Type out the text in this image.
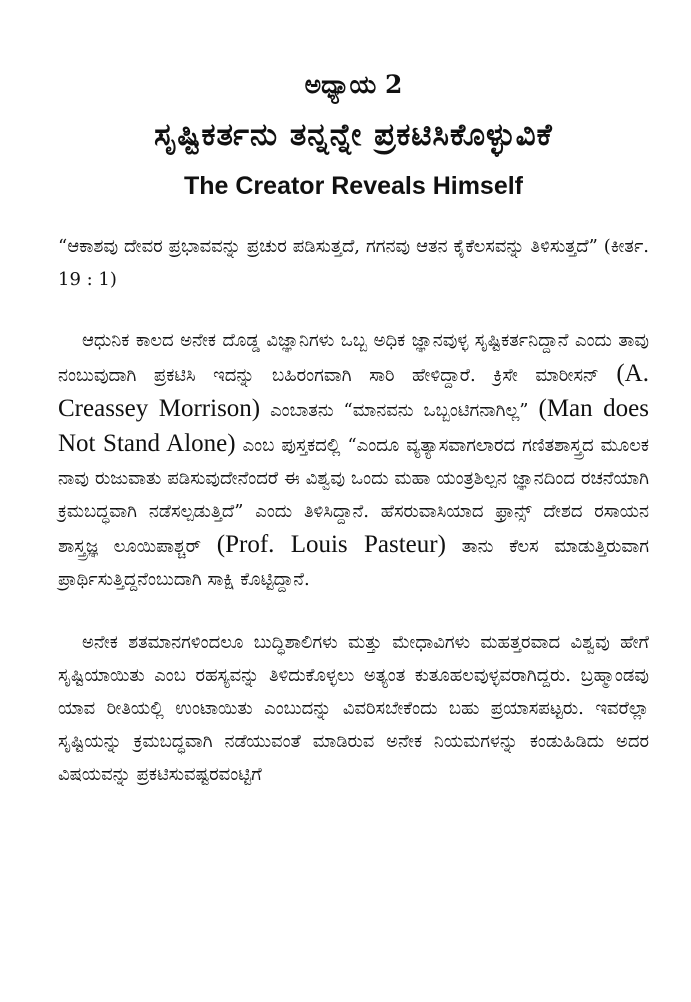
ಅಧ್ಯಾಯ 2
ಸೃಷ್ಟಿಕರ್ತನು ತನ್ನನ್ನೇ ಪ್ರಕಟಿಸಿಕೊಳ್ಳುವಿಕೆ
The Creator Reveals Himself

“ಆಕಾಶವು ದೇವರ ಪ್ರಭಾವವನ್ನು ಪ್ರಚುರ ಪಡಿಸುತ್ತದೆ, ಗಗನವು ಆತನ ಕೈಕೆಲಸವನ್ನು ತಿಳಿಸುತ್ತದೆ” (ಕೀರ್ತ. 19 : 1)

ಆಧುನಿಕ ಕಾಲದ ಅನೇಕ ದೊಡ್ಡ ವಿಜ್ಞಾನಿಗಳು ಒಬ್ಬ ಅಧಿಕ ಜ್ಞಾನವುಳ್ಳ ಸೃಷ್ಟಿಕರ್ತನಿದ್ದಾನೆ ಎಂದು ತಾವು ನಂಬುವುದಾಗಿ ಪ್ರಕಟಿಸಿ ಇದನ್ನು ಬಹಿರಂಗವಾಗಿ ಸಾರಿ ಹೇಳಿದ್ದಾರೆ. ಕ್ರಿಸೇ ಮಾರೀಸನ್ (A. Creassey Morrison) ಎಂಬಾತನು “ಮಾನವನು ಒಬ್ಬಂಟಿಗನಾಗಿಲ್ಲ” (Man does Not Stand Alone) ಎಂಬ ಪುಸ್ತಕದಲ್ಲಿ “ಎಂದೂ ವ್ಯತ್ಯಾಸವಾಗಲಾರದ ಗಣಿತಶಾಸ್ತ್ರದ ಮೂಲಕ ನಾವು ರುಜುವಾತು ಪಡಿಸುವುದೇನೆಂದರೆ ಈ ವಿಶ್ವವು ಒಂದು ಮಹಾ ಯಂತ್ರಶಿಲ್ಪನ ಜ್ಞಾನದಿಂದ ರಚನೆಯಾಗಿ ಕ್ರಮಬದ್ಧವಾಗಿ ನಡೆಸಲ್ಪಡುತ್ತಿದೆ” ಎಂದು ತಿಳಿಸಿದ್ದಾನೆ. ಹೆಸರುವಾಸಿಯಾದ ಫ್ರಾನ್ಸ್ ದೇಶದ ರಸಾಯನ ಶಾಸ್ತ್ರಜ್ಞ ಲೂಯಿಪಾಶ್ಚರ್ (Prof. Louis Pasteur) ತಾನು ಕೆಲಸ ಮಾಡುತ್ತಿರುವಾಗ ಪ್ರಾರ್ಥಿಸುತ್ತಿದ್ದನೆಂಬುದಾಗಿ ಸಾಕ್ಷಿ ಕೊಟ್ಟಿದ್ದಾನೆ.

ಅನೇಕ ಶತಮಾನಗಳಿಂದಲೂ ಬುದ್ಧಿಶಾಲಿಗಳು ಮತ್ತು ಮೇಧಾವಿಗಳು ಮಹತ್ತರವಾದ ವಿಶ್ವವು ಹೇಗೆ ಸೃಷ್ಟಿಯಾಯಿತು ಎಂಬ ರಹಸ್ಯವನ್ನು ತಿಳಿದುಕೊಳ್ಳಲು ಅತ್ಯಂತ ಕುತೂಹಲವುಳ್ಳವರಾಗಿದ್ದರು. ಬ್ರಹ್ಮಾಂಡವು ಯಾವ ರೀತಿಯಲ್ಲಿ ಉಂಟಾಯಿತು ಎಂಬುದನ್ನು ವಿವರಿಸಬೇಕೆಂದು ಬಹು ಪ್ರಯಾಸಪಟ್ಟರು. ಇವರೆಲ್ಲಾ ಸೃಷ್ಟಿಯನ್ನು ಕ್ರಮಬದ್ಧವಾಗಿ ನಡೆಯುವಂತೆ ಮಾಡಿರುವ ಅನೇಕ ನಿಯಮಗಳನ್ನು ಕಂಡುಹಿಡಿದು ಅದರ ವಿಷಯವನ್ನು ಪ್ರಕಟಿಸುವಷ್ಟರವಂಟ್ಟಿಗೆ
